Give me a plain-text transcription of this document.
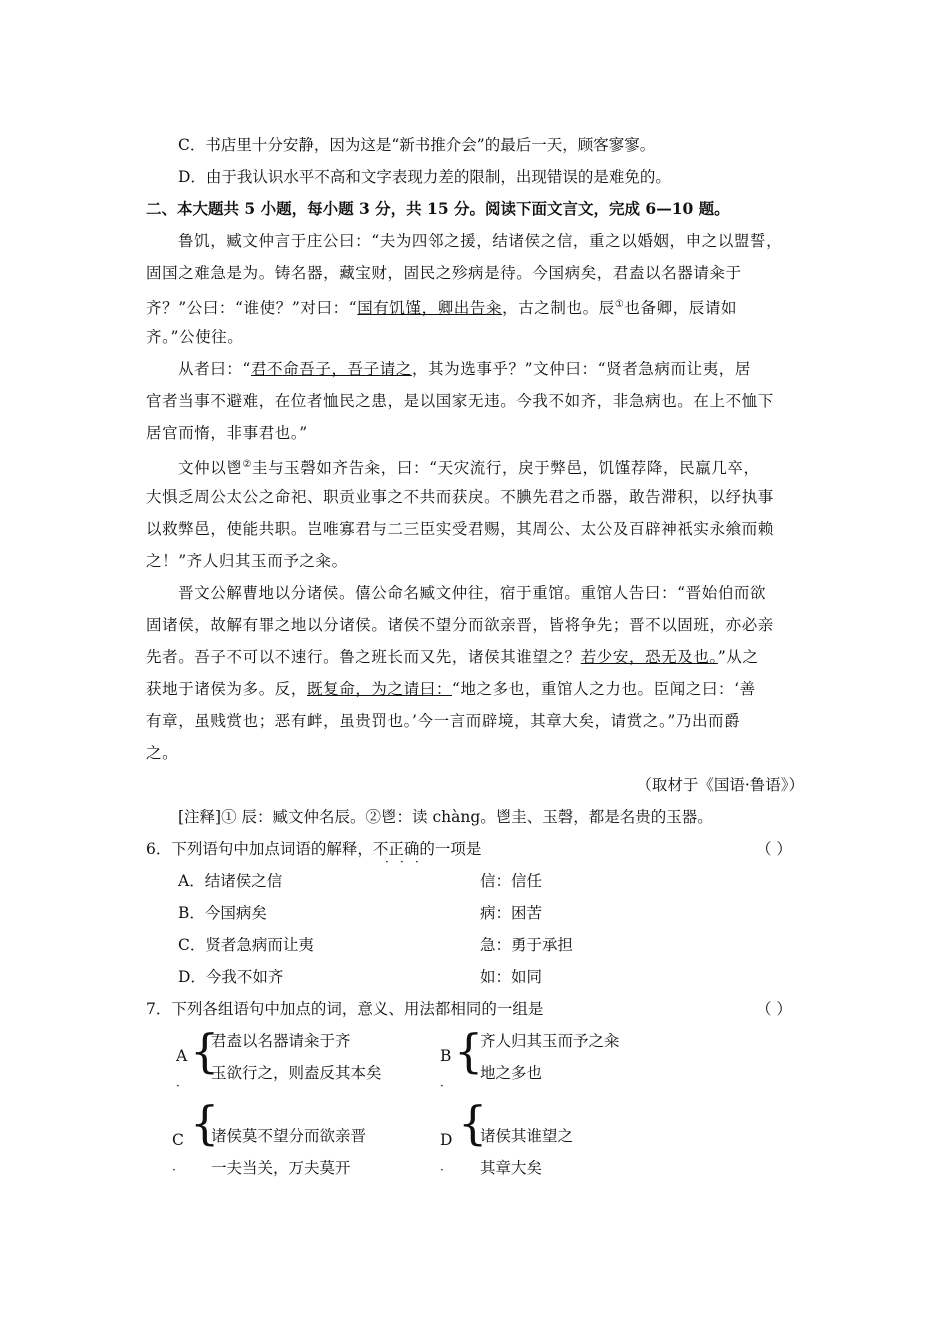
C．书店里十分安静，因为这是“新书推介会”的最后一天，顾客寥寥。
D．由于我认识水平不高和文字表现力差的限制，出现错误的是难免的。
二、本大题共 5 小题，每小题 3 分，共 15 分。阅读下面文言文，完成 6—10 题。
鲁饥，臧文仲言于庄公曰：“夫为四邻之援，结诸侯之信，重之以婚姻，申之以盟誓，
固国之难急是为。铸名器，藏宝财，固民之殄病是待。今国病矣，君盍以名器请籴于
齐？”公曰：“谁使？”对曰：“国有饥馑，卿出告籴，古之制也。辰①也备卿，辰请如
齐。”公使往。
从者曰：“君不命吾子，吾子请之，其为选事乎？”文仲曰：“贤者急病而让夷，居
官者当事不避难，在位者恤民之患，是以国家无违。今我不如齐，非急病也。在上不恤下
居官而惰，非事君也。”
文仲以鬯②圭与玉磬如齐告籴，曰：“天灾流行，戾于弊邑，饥馑荐降，民羸几卒，
大惧乏周公太公之命祀、职贡业事之不共而获戾。不腆先君之币器，敢告滞积，以纾执事
以救弊邑，使能共职。岂唯寡君与二三臣实受君赐，其周公、太公及百辟神祇实永飨而赖
之！”齐人归其玉而予之籴。
晋文公解曹地以分诸侯。僖公命名臧文仲往，宿于重馆。重馆人告曰：“晋始伯而欲
固诸侯，故解有罪之地以分诸侯。诸侯不望分而欲亲晋，皆将争先；晋不以固班，亦必亲
先者。吾子不可以不速行。鲁之班长而又先，诸侯其谁望之？若少安，恐无及也。”从之
获地于诸侯为多。反，既复命，为之请曰：“地之多也，重馆人之力也。臣闻之曰：‘善
有章，虽贱赏也；恶有衅，虽贵罚也。’今一言而辟境，其章大矣，请赏之。”乃出而爵
之。
（取材于《国语·鲁语》）
[注释]① 辰：臧文仲名辰。②鬯：读 chàng。鬯圭、玉磬，都是名贵的玉器。
6．下列语句中加点词语的解释，不正确的一项是
· · ·
（ ）
A．结诸侯之信	信：信任
B．今国病矣	病：困苦
C．贤者急病而让夷	急：勇于承担
D．今我不如齐	如：如同
7．下列各组语句中加点的词，意义、用法都相同的一组是	（ ）
A
·
{
君盍以名器请籴于齐
玉欲行之，则盍反其本矣
B
·
{
齐人归其玉而予之籴
地之多也
C
·
{
诸侯莫不望分而欲亲晋
一夫当关，万夫莫开
D
·
{
诸侯其谁望之
其章大矣
